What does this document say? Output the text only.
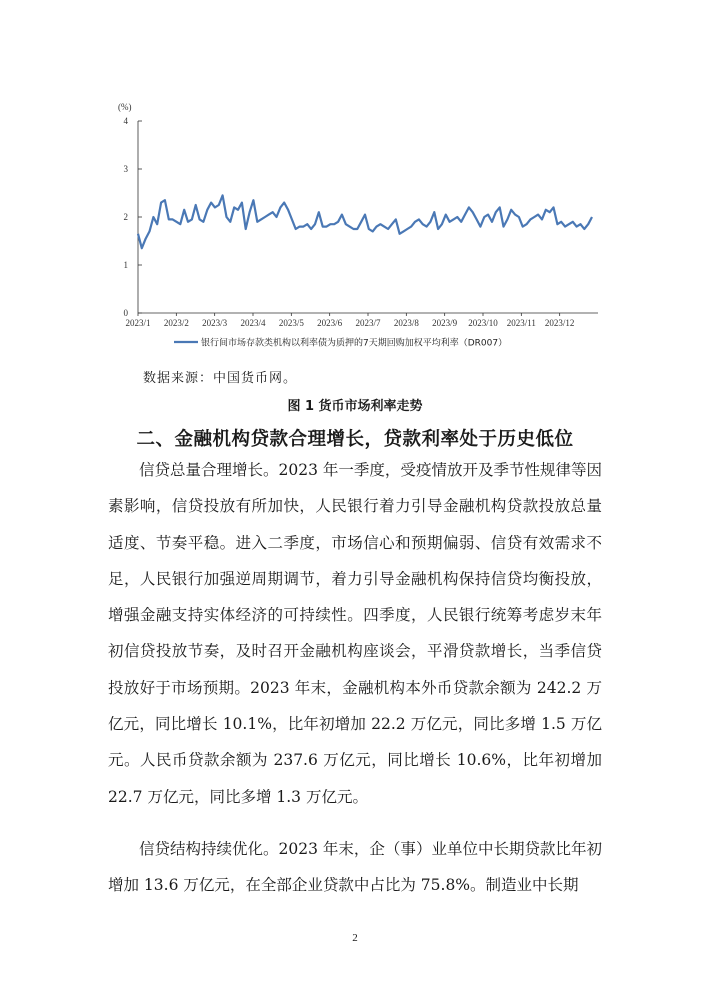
(%)
0
1
2
3
4
2023/1 2023/2 2023/3 2023/4 2023/5 2023/6 2023/7 2023/8 2023/9 2023/10 2023/11 2023/12
银行间市场存款类机构以利率债为质押的7天期回购加权平均利率（DR007）
数据来源：中国货币网。
图 1 货币市场利率走势
二、金融机构贷款合理增长，贷款利率处于历史低位

信贷总量合理增长。2023 年一季度，受疫情放开及季节性规律等因素影响，信贷投放有所加快，人民银行着力引导金融机构贷款投放总量适度、节奏平稳。进入二季度，市场信心和预期偏弱、信贷有效需求不足，人民银行加强逆周期调节，着力引导金融机构保持信贷均衡投放，增强金融支持实体经济的可持续性。四季度，人民银行统筹考虑岁末年初信贷投放节奏，及时召开金融机构座谈会，平滑贷款增长，当季信贷投放好于市场预期。2023 年末，金融机构本外币贷款余额为 242.2 万亿元，同比增长 10.1%，比年初增加 22.2 万亿元，同比多增 1.5 万亿元。人民币贷款余额为 237.6 万亿元，同比增长 10.6%，比年初增加 22.7 万亿元，同比多增 1.3 万亿元。

信贷结构持续优化。2023 年末，企（事）业单位中长期贷款比年初增加 13.6 万亿元，在全部企业贷款中占比为 75.8%。制造业中长期

2
